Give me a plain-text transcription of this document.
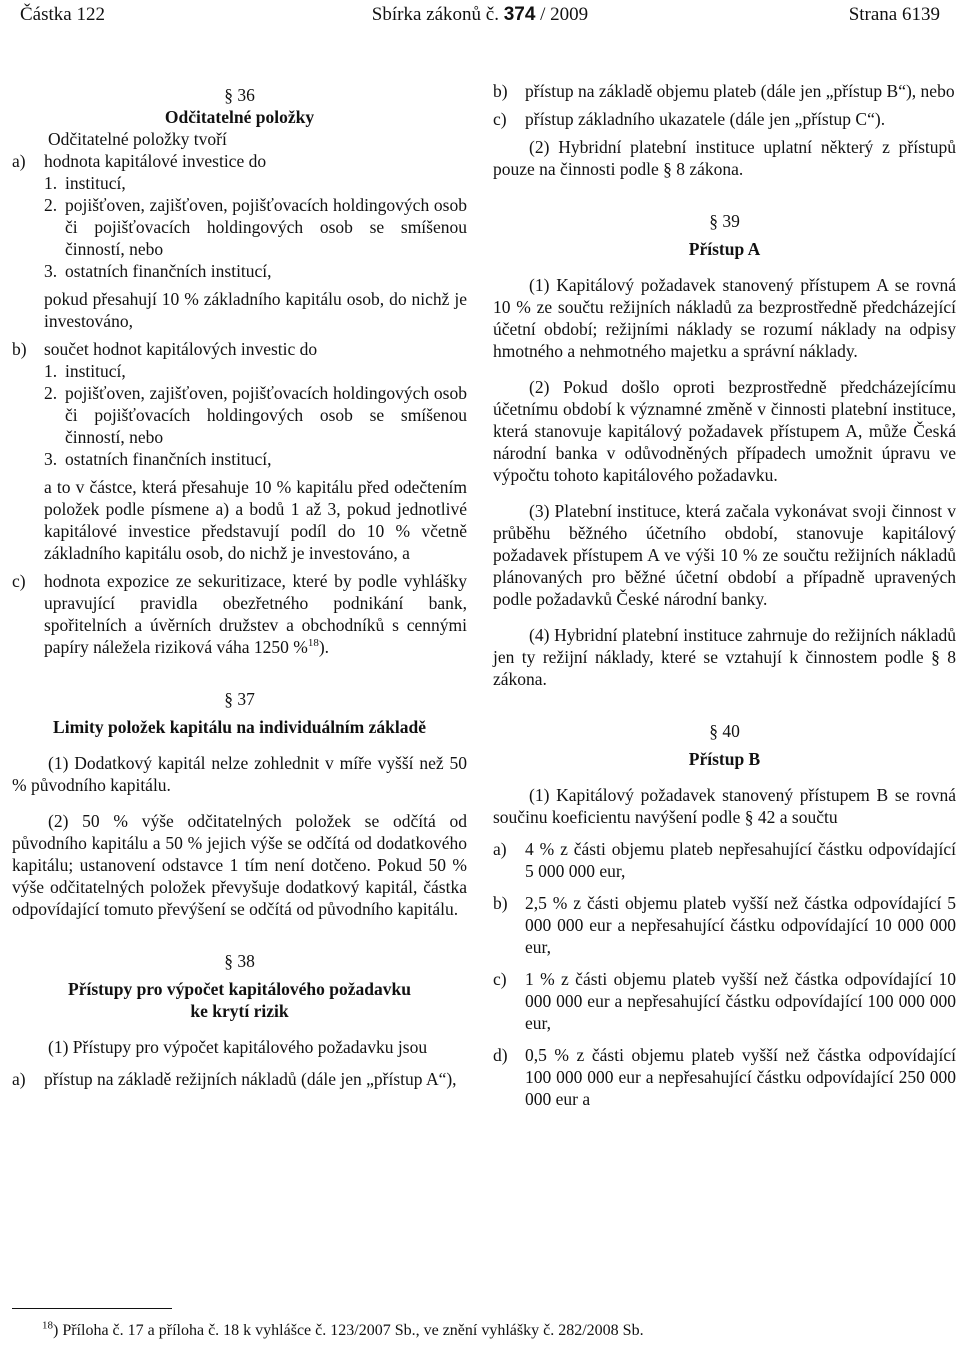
Částka 122	Sbírka zákonů č. 374 / 2009	Strana 6139

§ 36

Odčitatelné položky

Odčitatelné položky tvoří

a)	hodnota kapitálové investice do
1. institucí,
2. pojišťoven, zajišťoven, pojišťovacích holdingových osob či pojišťovacích holdingových osob se smíšenou činností, nebo
3. ostatních finančních institucí,

pokud přesahují 10 % základního kapitálu osob, do nichž je investováno,

b) součet hodnot kapitálových investic do
1. institucí,
2. pojišťoven, zajišťoven, pojišťovacích holdingových osob či pojišťovacích holdingových osob se smíšenou činností, nebo
3. ostatních finančních institucí,

a to v částce, která přesahuje 10 % kapitálu před odečtením položek podle písmene a) a bodů 1 až 3, pokud jednotlivé kapitálové investice představují podíl do 10 % včetně základního kapitálu osob, do nichž je investováno, a

c)	hodnota expozice ze sekuritizace, které by podle vyhlášky upravující pravidla obezřetného podnikání bank, spořitelních a úvěrních družstev a obchodníků s cennými papíry náležela riziková váha 1250 %$^{18}$).

§ 37

Limity položek kapitálu na individuálním základě

(1) Dodatkový kapitál nelze zohlednit v míře vyšší než 50 % původního kapitálu.

(2) 50 % výše odčitatelných položek se odčítá od původního kapitálu a 50 % jejich výše se odčítá od dodatkového kapitálu; ustanovení odstavce 1 tím není dotčeno. Pokud 50 % výše odčitatelných položek převyšuje dodatkový kapitál, částka odpovídající tomuto převýšení se odčítá od původního kapitálu.

§ 38

Přístupy pro výpočet kapitálového požadavku

ke krytí rizik

(1) Přístupy pro výpočet kapitálového požadavku jsou

a)	přístup na základě režijních nákladů (dále jen „přístup A“),
b) přístup na základě objemu plateb (dále jen „přístup B“), nebo
c)	přístup základního ukazatele (dále jen „přístup C“).

(2) Hybridní platební instituce uplatní některý z přístupů pouze na činnosti podle § 8 zákona.

§ 39

Přístup A

(1) Kapitálový požadavek stanovený přístupem A se rovná 10 % ze součtu režijních nákladů za bezprostředně předcházející účetní období; režijními náklady se rozumí náklady na odpisy hmotného a nehmotného majetku a správní náklady.

(2) Pokud došlo oproti bezprostředně předcházejícímu účetnímu období k významné změně v činnosti platební instituce, která stanovuje kapitálový požadavek přístupem A, může Česká národní banka v odůvodněných případech umožnit úpravu ve výpočtu tohoto kapitálového požadavku.

(3) Platební instituce, která začala vykonávat svoji činnost v průběhu běžného účetního období, stanovuje kapitálový požadavek přístupem A ve výši 10 % ze součtu režijních nákladů plánovaných pro běžné účetní období a případně upravených podle požadavků České národní banky.

(4) Hybridní platební instituce zahrnuje do režijních nákladů jen ty režijní náklady, které se vztahují k činnostem podle § 8 zákona.

§ 40

Přístup B

(1) Kapitálový požadavek stanovený přístupem B se rovná součinu koeficientu navýšení podle § 42 a součtu

a)	4 % z části objemu plateb nepřesahující částku odpovídající 5 000 000 eur,
b) 2,5 % z části objemu plateb vyšší než částka odpovídající 5 000 000 eur a nepřesahující částku odpovídající 10 000 000 eur,
c)	1 % z části objemu plateb vyšší než částka odpovídající 10 000 000 eur a nepřesahující částku odpovídající 100 000 000 eur,
d) 0,5 % z části objemu plateb vyšší než částka odpovídající 100 000 000 eur a nepřesahující částku odpovídající 250 000 000 eur a
$^{18}$) Příloha č. 17 a příloha č. 18 k vyhlášce č. 123/2007 Sb., ve znění vyhlášky č. 282/2008 Sb.
